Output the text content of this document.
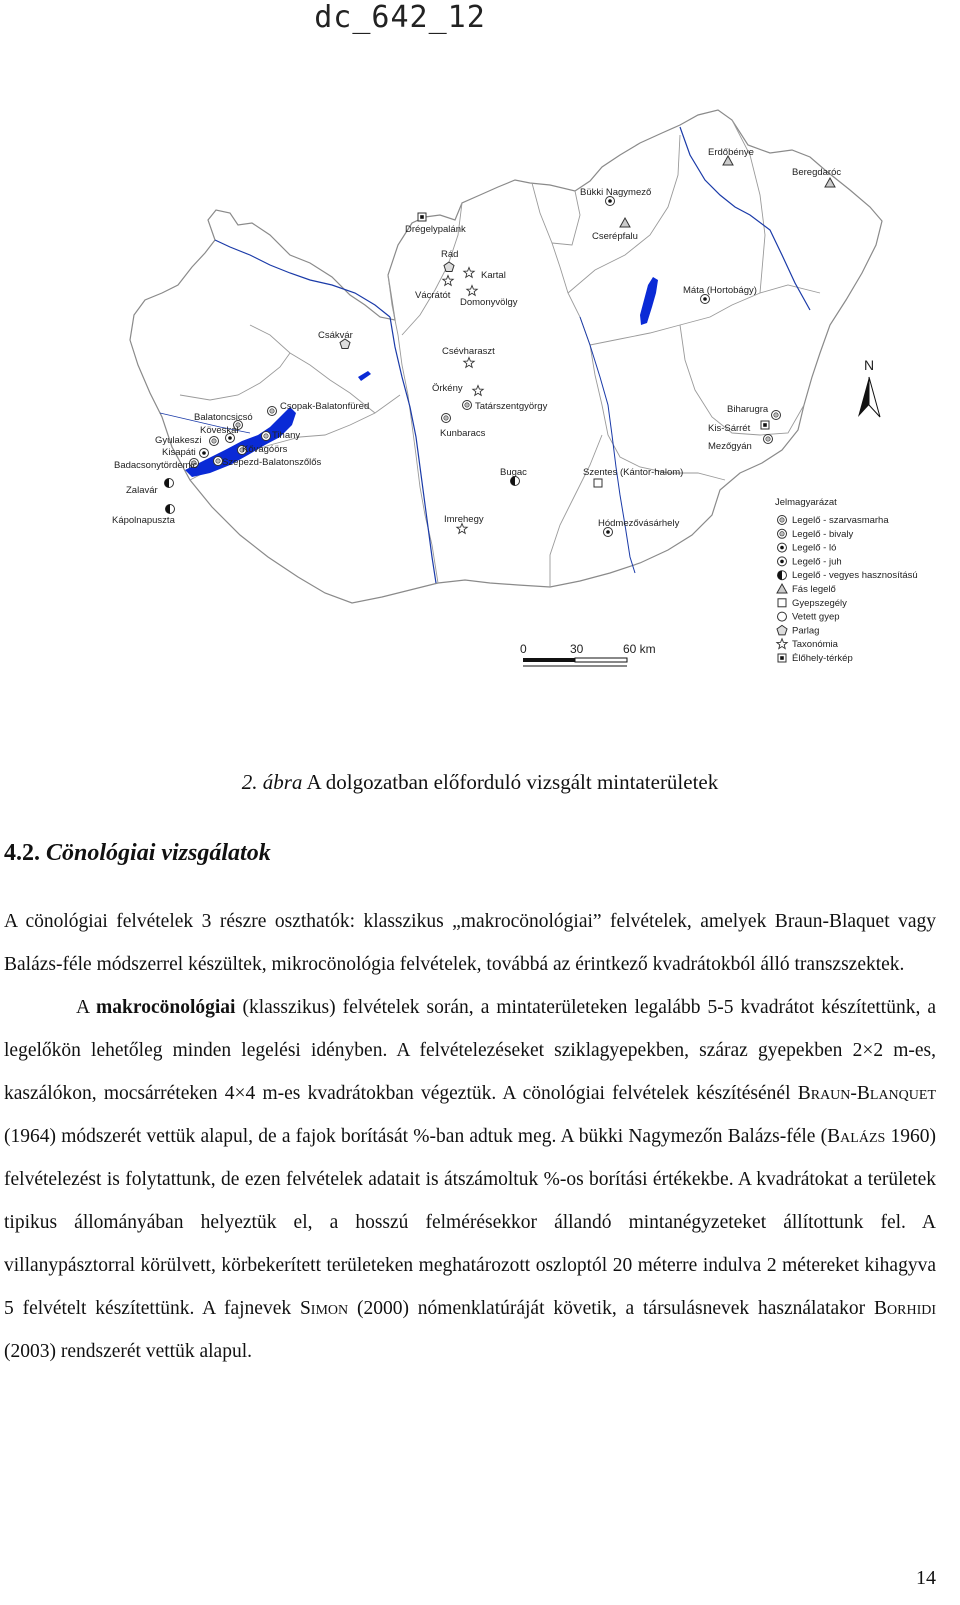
dc_642_12
N
0	30	60 km
Jelmagyarázat
Legelő - szarvasmarha
Legelő - bivaly
Legelő - ló
Legelő - juh
Legelő - vegyes hasznosítású
Fás legelő
Gyepszegély
Vetett gyep
Parlag
Taxonómia
Élőhely-térkép
Erdőbénye
Beregdaróc
Bükki Nagymező
Cserépfalu
Drégelypalánk
Rád
Kartal
Vácrátót
Domonyvölgy
Máta (Hortobágy)
Csákvár
Csévharaszt
Örkény
Tatárszentgyörgy
Kunbaracs
Csopak-Balatonfüred
Balatoncsicsó
Köveskál	Tihany
Gyulakeszi
Kisapáti	Kővágóörs
Badacsonytördemic	Szepezd-Balatonszőlős
Zalavár
Kápolnapuszta
Bugac	Szentes (Kántor-halom)
Imrehegy	Hódmezővásárhely
Biharugra
Kis-Sárrét
Mezőgyán
2. ábra A dolgozatban előforduló vizsgált mintaterületek
4.2. Cönológiai vizsgálatok

A cönológiai felvételek 3 részre oszthatók: klasszikus „makrocönológiai” felvételek, amelyek Braun-Blaquet vagy Balázs-féle módszerrel készültek, mikrocönológia felvételek, továbbá az érintkező kvadrátokból álló transzszektek.

A makrocönológiai (klasszikus) felvételek során, a mintaterületeken legalább 5-5 kvadrátot készítettünk, a legelőkön lehetőleg minden legelési idényben. A felvételezéseket sziklagyepekben, száraz gyepekben 2×2 m-es, kaszálókon, mocsárréteken 4×4 m-es kvadrátokban végeztük. A cönológiai felvételek készítésénél Braun-Blanquet (1964) módszerét vettük alapul, de a fajok borítását %-ban adtuk meg. A bükki Nagymezőn Balázs-féle (Balázs 1960) felvételezést is folytattunk, de ezen felvételek adatait is átszámoltuk %-os borítási értékekbe. A kvadrátokat a területek tipikus állományában helyeztük el, a hosszú felmérésekkor állandó mintanégyzeteket állítottunk fel. A villanypásztorral körülvett, körbekerített területeken meghatározott oszloptól 20 méterre indulva 2 métereket kihagyva 5 felvételt készítettünk. A fajnevek Simon (2000) nómenklatúráját követik, a társulásnevek használatakor Borhidi (2003) rendszerét vettük alapul.

14
